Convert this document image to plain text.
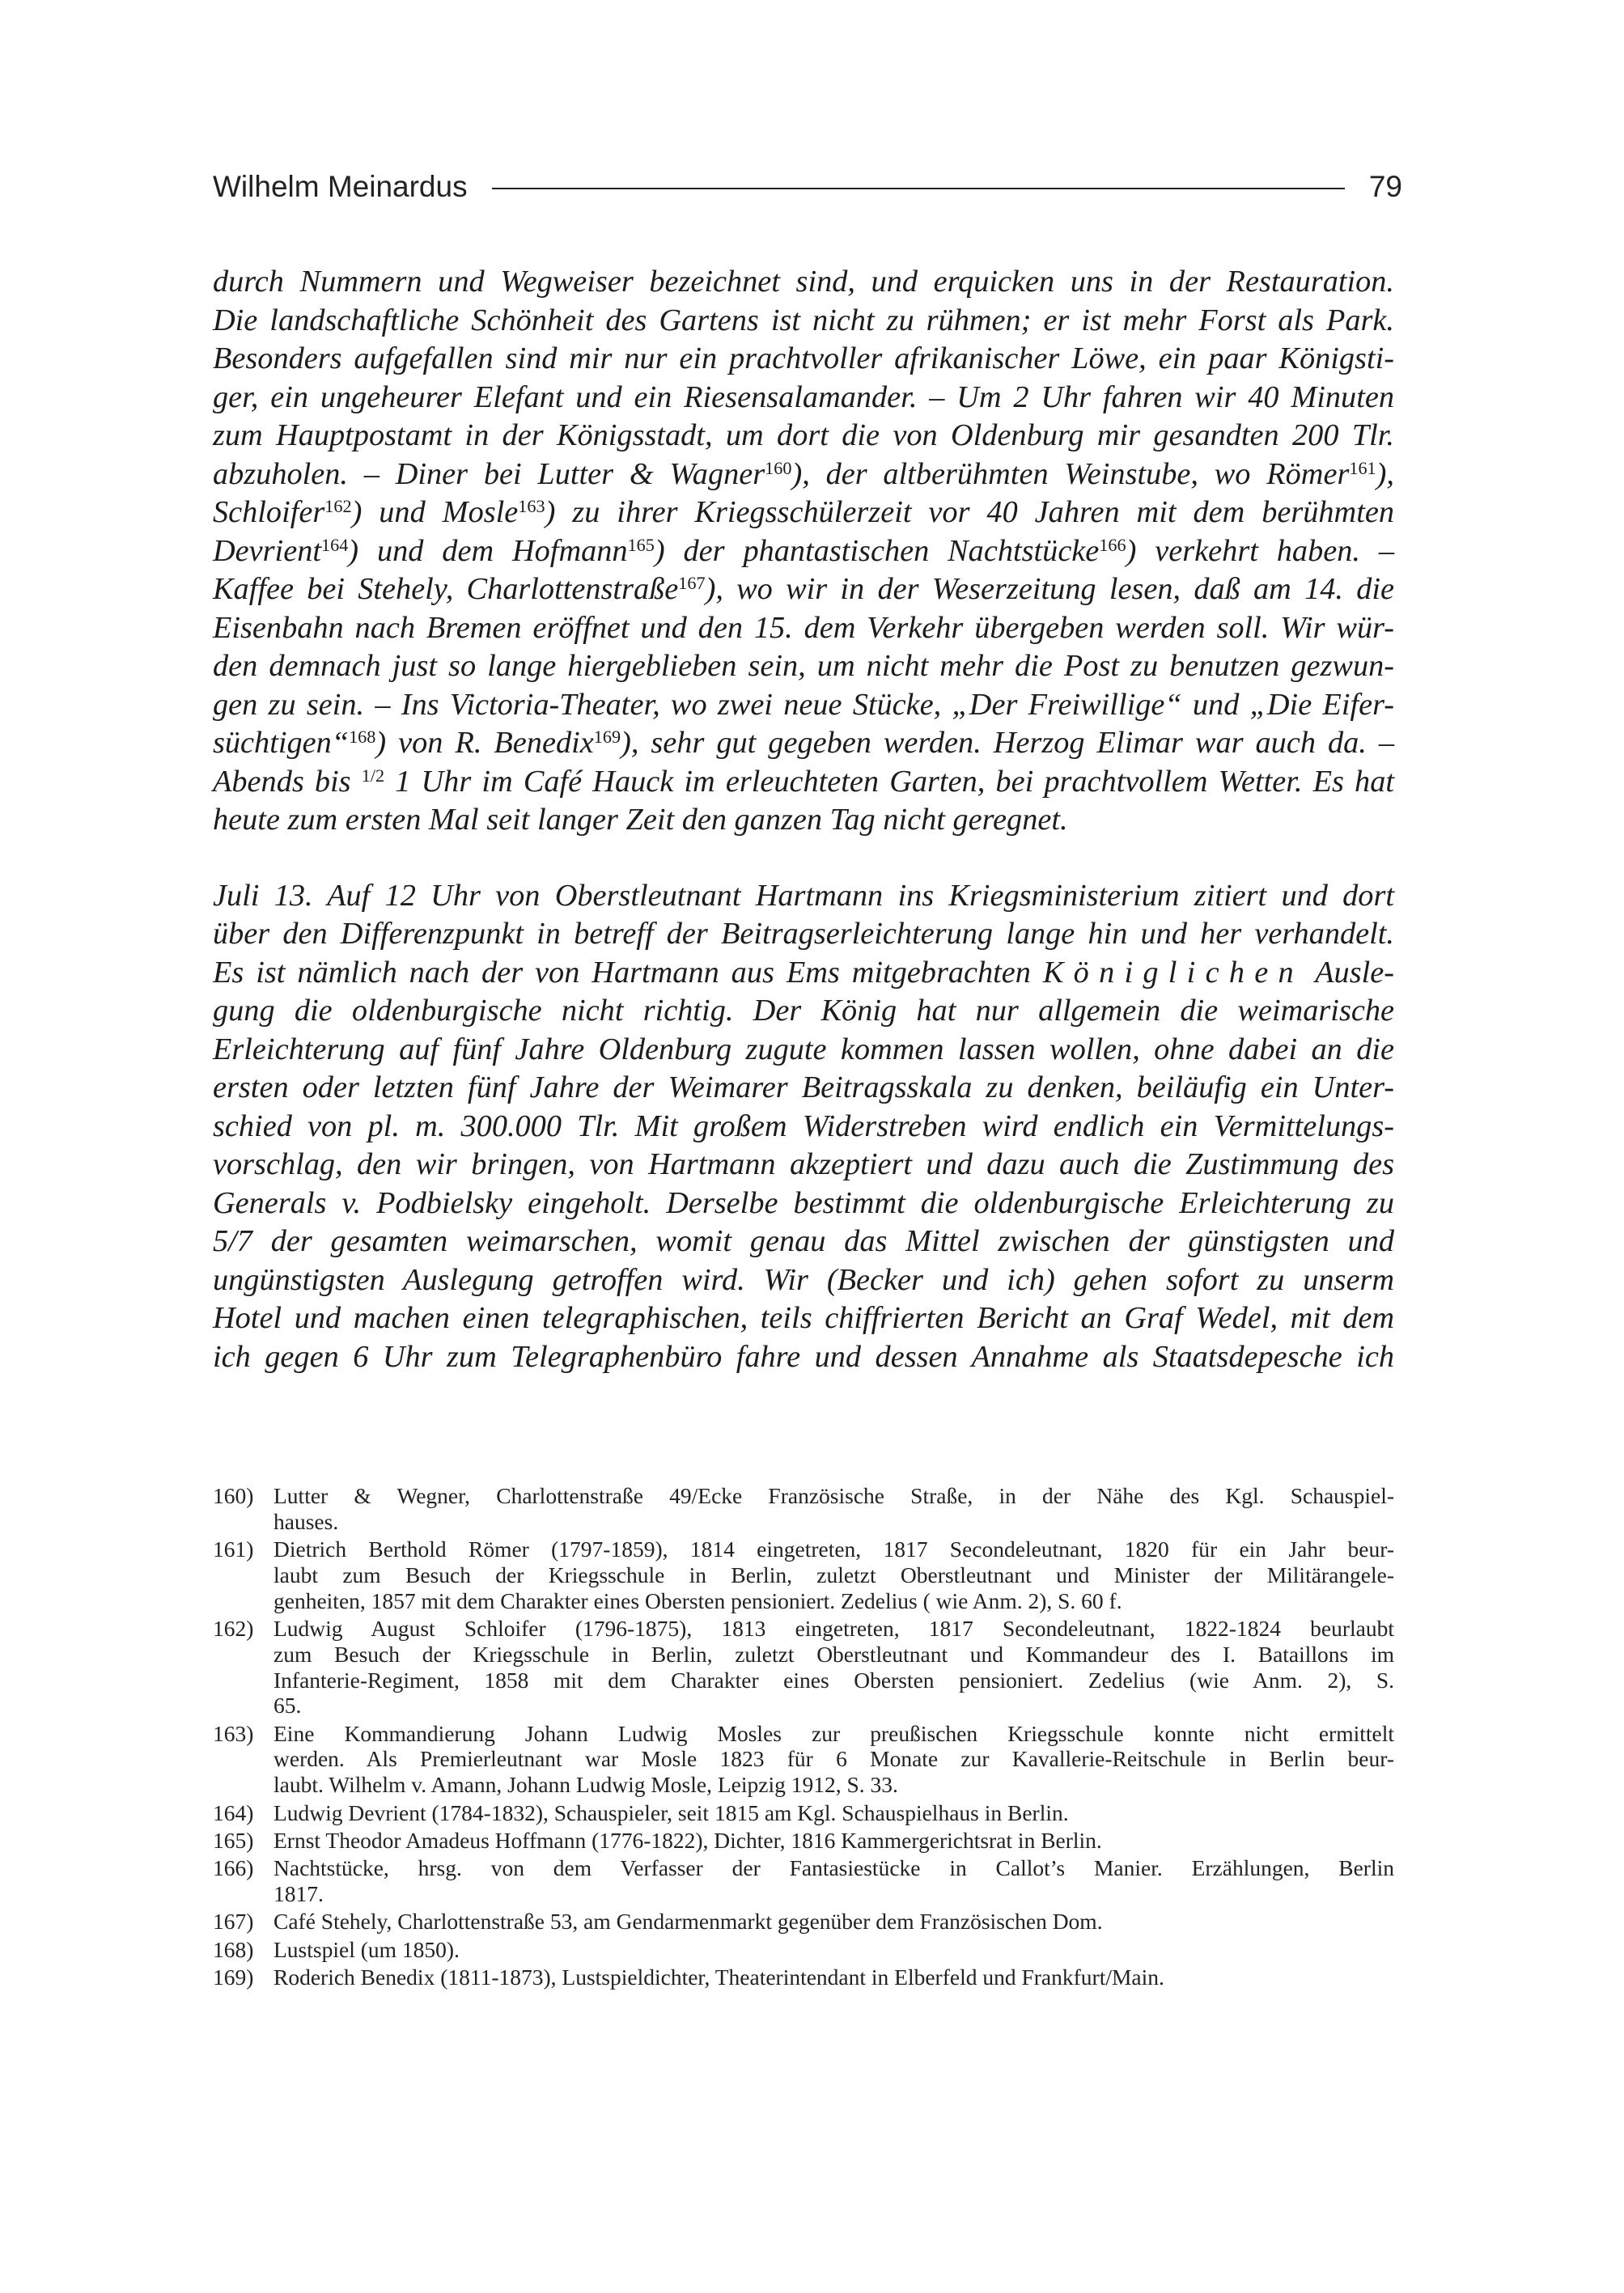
Wilhelm Meinardus	79
durch Nummern und Wegweiser bezeichnet sind, und erquicken uns in der Restauration.
Die landschaftliche Schönheit des Gartens ist nicht zu rühmen; er ist mehr Forst als Park.
Besonders aufgefallen sind mir nur ein prachtvoller afrikanischer Löwe, ein paar Königsti-
ger, ein ungeheurer Elefant und ein Riesensalamander. – Um 2 Uhr fahren wir 40 Minuten
zum Hauptpostamt in der Königsstadt, um dort die von Oldenburg mir gesandten 200 Tlr.
abzuholen. – Diner bei Lutter & Wagner$^{160}$), der altberühmten Weinstube, wo Römer$^{161}$),
Schloifer$^{162}$) und Mosle$^{163}$) zu ihrer Kriegsschülerzeit vor 40 Jahren mit dem berühmten
Devrient$^{164}$) und dem Hofmann$^{165}$) der phantastischen Nachtstücke$^{166}$) verkehrt haben. –
Kaffee bei Stehely, Charlottenstraße$^{167}$), wo wir in der Weserzeitung lesen, daß am 14. die
Eisenbahn nach Bremen eröffnet und den 15. dem Verkehr übergeben werden soll. Wir wür-
den demnach just so lange hiergeblieben sein, um nicht mehr die Post zu benutzen gezwun-
gen zu sein. – Ins Victoria-Theater, wo zwei neue Stücke, „Der Freiwillige“ und „Die Eifer-
süchtigen“$^{168}$) von R. Benedix$^{169}$), sehr gut gegeben werden. Herzog Elimar war auch da. –
Abends bis $^{1/2}$ 1 Uhr im Café Hauck im erleuchteten Garten, bei prachtvollem Wetter. Es hat
heute zum ersten Mal seit langer Zeit den ganzen Tag nicht geregnet.
Juli 13. Auf 12 Uhr von Oberstleutnant Hartmann ins Kriegsministerium zitiert und dort
über den Differenzpunkt in betreff der Beitragserleichterung lange hin und her verhandelt.
Es ist nämlich nach der von Hartmann aus Ems mitgebrachten Königlichen Ausle-
gung die oldenburgische nicht richtig. Der König hat nur allgemein die weimarische
Erleichterung auf fünf Jahre Oldenburg zugute kommen lassen wollen, ohne dabei an die
ersten oder letzten fünf Jahre der Weimarer Beitragsskala zu denken, beiläufig ein Unter-
schied von pl. m. 300.000 Tlr. Mit großem Widerstreben wird endlich ein Vermittelungs-
vorschlag, den wir bringen, von Hartmann akzeptiert und dazu auch die Zustimmung des
Generals v. Podbielsky eingeholt. Derselbe bestimmt die oldenburgische Erleichterung zu
5/7 der gesamten weimarschen, womit genau das Mittel zwischen der günstigsten und
ungünstigsten Auslegung getroffen wird. Wir (Becker und ich) gehen sofort zu unserm
Hotel und machen einen telegraphischen, teils chiffrierten Bericht an Graf Wedel, mit dem
ich gegen 6 Uhr zum Telegraphenbüro fahre und dessen Annahme als Staatsdepesche ich
160) Lutter & Wegner, Charlottenstraße 49/Ecke Französische Straße, in der Nähe des Kgl. Schauspiel-
hauses.
161) Dietrich Berthold Römer (1797-1859), 1814 eingetreten, 1817 Secondeleutnant, 1820 für ein Jahr beur-
laubt zum Besuch der Kriegsschule in Berlin, zuletzt Oberstleutnant und Minister der Militärangele-
genheiten, 1857 mit dem Charakter eines Obersten pensioniert. Zedelius ( wie Anm. 2), S. 60 f.
162) Ludwig August Schloifer (1796-1875), 1813 eingetreten, 1817 Secondeleutnant, 1822-1824 beurlaubt
zum Besuch der Kriegsschule in Berlin, zuletzt Oberstleutnant und Kommandeur des I. Bataillons im
Infanterie-Regiment, 1858 mit dem Charakter eines Obersten pensioniert. Zedelius (wie Anm. 2), S.
65.
163) Eine Kommandierung Johann Ludwig Mosles zur preußischen Kriegsschule konnte nicht ermittelt
werden. Als Premierleutnant war Mosle 1823 für 6 Monate zur Kavallerie-Reitschule in Berlin beur-
laubt. Wilhelm v. Amann, Johann Ludwig Mosle, Leipzig 1912, S. 33.
164) Ludwig Devrient (1784-1832), Schauspieler, seit 1815 am Kgl. Schauspielhaus in Berlin.
165) Ernst Theodor Amadeus Hoffmann (1776-1822), Dichter, 1816 Kammergerichtsrat in Berlin.
166) Nachtstücke, hrsg. von dem Verfasser der Fantasiestücke in Callot’s Manier. Erzählungen, Berlin
1817.
167) Café Stehely, Charlottenstraße 53, am Gendarmenmarkt gegenüber dem Französischen Dom.
168) Lustspiel (um 1850).
169) Roderich Benedix (1811-1873), Lustspieldichter, Theaterintendant in Elberfeld und Frankfurt/Main.
